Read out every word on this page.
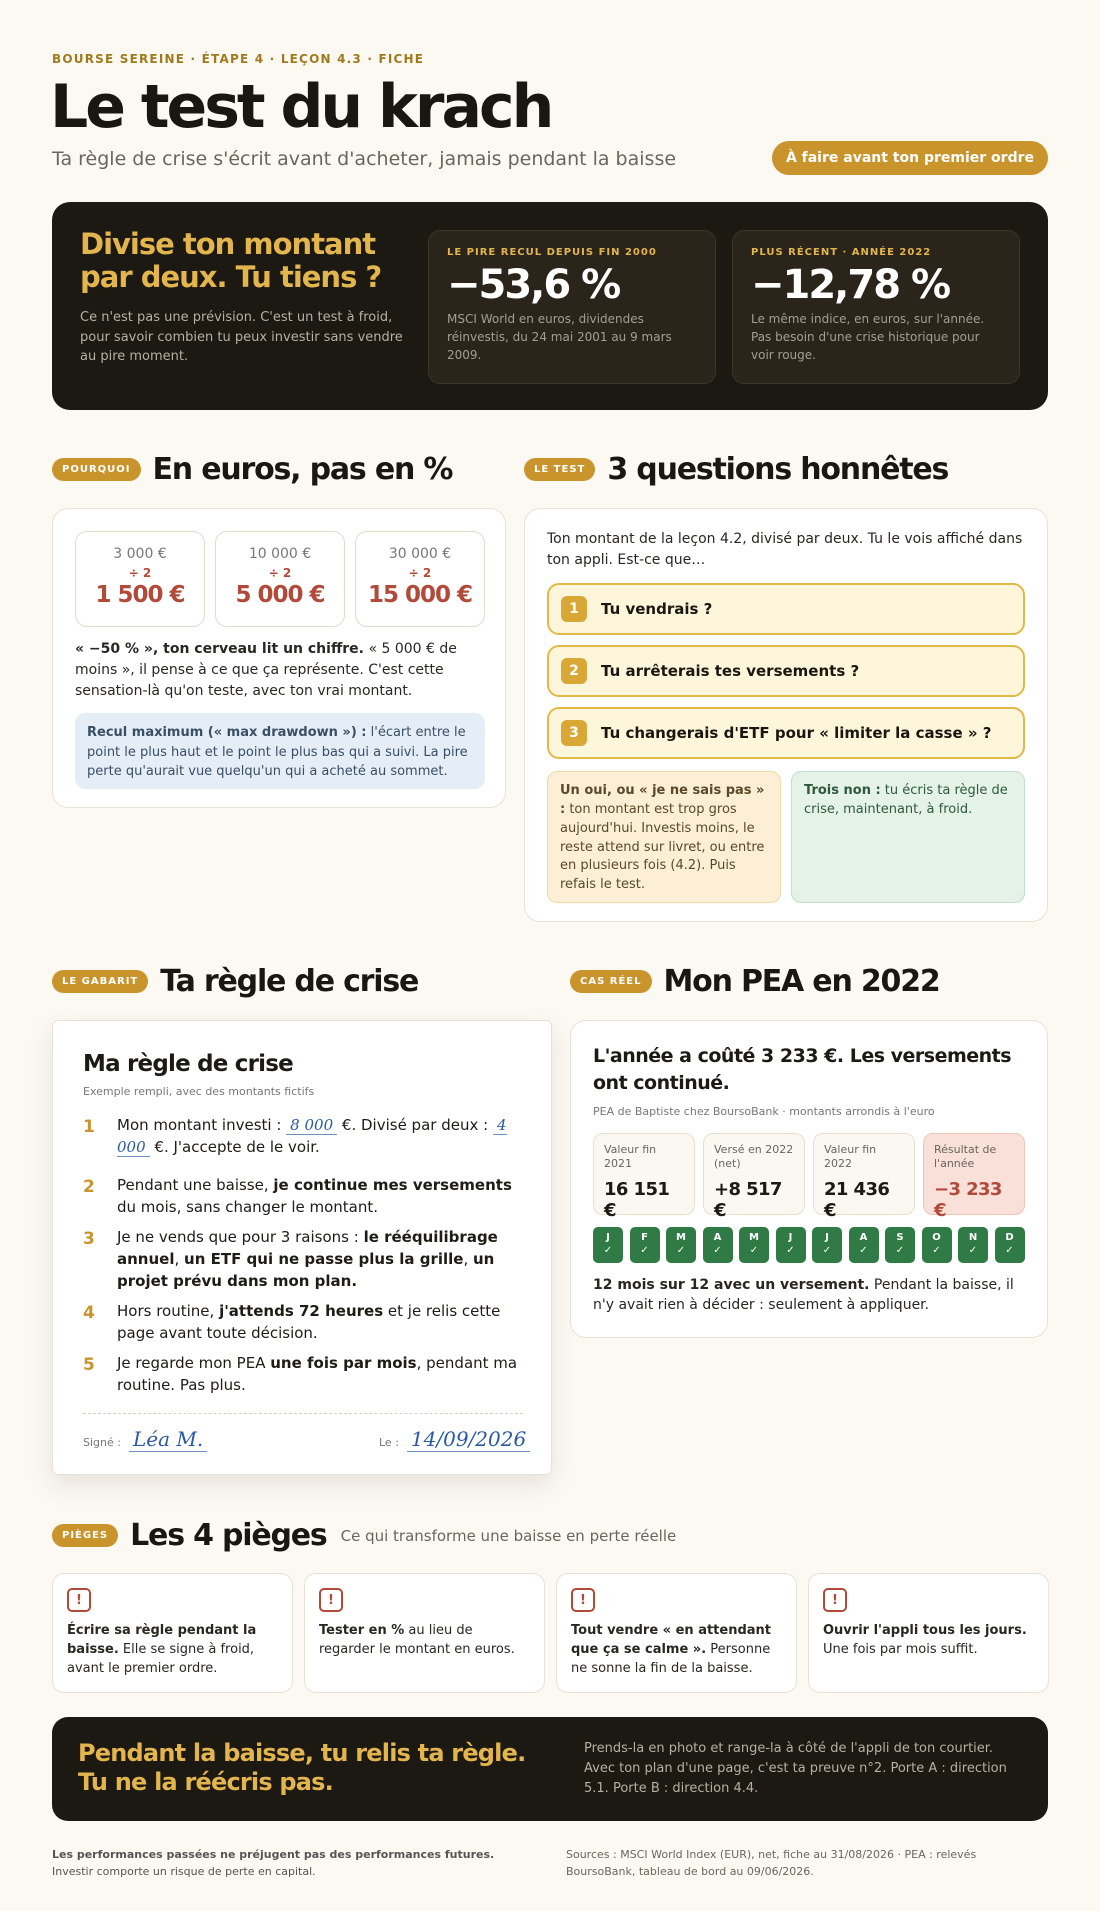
BOURSE SEREINE · ÉTAPE 4 · LEÇON 4.3 · FICHE
Le test du krach
Ta règle de crise s'écrit avant d'acheter, jamais pendant la baisse	À faire avant ton premier ordre
Divise ton montant par deux. Tu tiens ?
Ce n'est pas une prévision. C'est un test à froid, pour savoir combien tu peux investir sans vendre au pire moment.
LE PIRE RECUL DEPUIS FIN 2000
−53,6 %
MSCI World en euros, dividendes réinvestis, du 24 mai 2001 au 9 mars 2009.
PLUS RÉCENT · ANNÉE 2022
−12,78 %
Le même indice, en euros, sur l'année. Pas besoin d'une crise historique pour voir rouge.
POURQUOI En euros, pas en %
3 000 €
÷ 2
1 500 €
10 000 €
÷ 2
5 000 €
30 000 €
÷ 2
15 000 €
« −50 % », ton cerveau lit un chiffre. « 5 000 € de moins », il pense à ce que ça représente. C'est cette sensation-là qu'on teste, avec ton vrai montant.
Recul maximum (« max drawdown ») : l'écart entre le point le plus haut et le point le plus bas qui a suivi. La pire perte qu'aurait vue quelqu'un qui a acheté au sommet.
LE TEST 3 questions honnêtes
Ton montant de la leçon 4.2, divisé par deux. Tu le vois affiché dans ton appli. Est-ce que…
1	Tu vendrais ?
2	Tu arrêterais tes versements ?
3	Tu changerais d'ETF pour « limiter la casse » ?
Un oui, ou « je ne sais pas » : ton montant est trop gros aujourd'hui. Investis moins, le reste attend sur livret, ou entre en plusieurs fois (4.2). Puis refais le test.
Trois non : tu écris ta règle de crise, maintenant, à froid.
LE GABARIT Ta règle de crise
Ma règle de crise
Exemple rempli, avec des montants fictifs
1 Mon montant investi : 8 000 €. Divisé par deux : 4 000 €. J'accepte de le voir.
2 Pendant une baisse, je continue mes versements du mois, sans changer le montant.
3 Je ne vends que pour 3 raisons : le rééquilibrage annuel, un ETF qui ne passe plus la grille, un projet prévu dans mon plan.
4 Hors routine, j'attends 72 heures et je relis cette page avant toute décision.
5 Je regarde mon PEA une fois par mois, pendant ma routine. Pas plus.
Signé : Léa M.	Le : 14/09/2026
CAS RÉEL Mon PEA en 2022
L'année a coûté 3 233 €. Les versements ont continué.
PEA de Baptiste chez BoursoBank · montants arrondis à l'euro
Valeur fin 2021
16 151 €
Versé en 2022 (net)
+8 517 €
Valeur fin 2022
21 436 €
Résultat de l'année
−3 233 €
J
✓
F
✓
M
✓
A
✓
M
✓
J
✓
J
✓
A
✓
S
✓
O
✓
N
✓
D
✓
12 mois sur 12 avec un versement. Pendant la baisse, il n'y avait rien à décider : seulement à appliquer.
PIÈGES Les 4 pièges Ce qui transforme une baisse en perte réelle
!
Écrire sa règle pendant la baisse. Elle se signe à froid, avant le premier ordre.
!
Tester en % au lieu de regarder le montant en euros.
!
Tout vendre « en attendant que ça se calme ». Personne ne sonne la fin de la baisse.
!
Ouvrir l'appli tous les jours. Une fois par mois suffit.
Pendant la baisse, tu relis ta règle. Tu ne la réécris pas.
Prends-la en photo et range-la à côté de l'appli de ton courtier. Avec ton plan d'une page, c'est ta preuve n°2. Porte A : direction 5.1. Porte B : direction 4.4.
Les performances passées ne préjugent pas des performances futures. Investir comporte un risque de perte en capital.
Sources : MSCI World Index (EUR), net, fiche au 31/08/2026 · PEA : relevés BoursoBank, tableau de bord au 09/06/2026.
